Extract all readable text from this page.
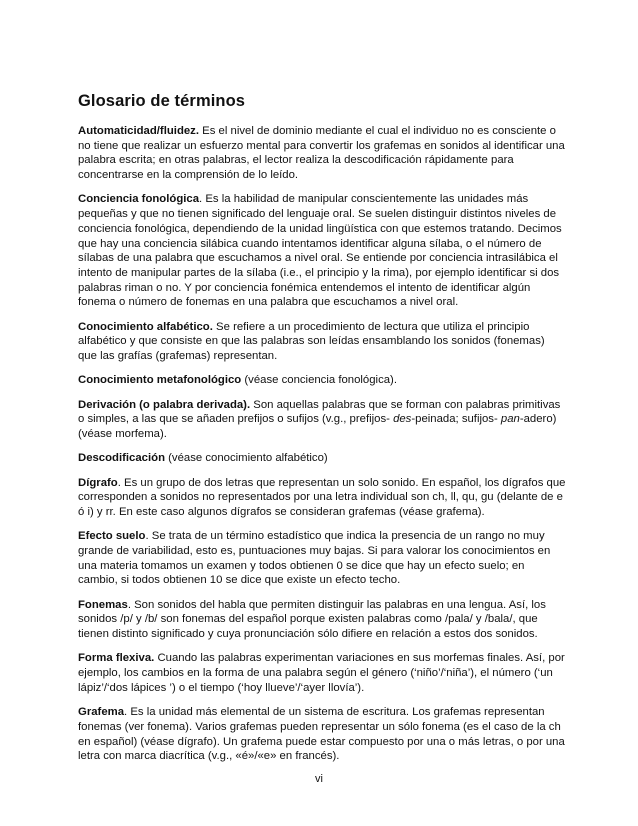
Glosario de términos

Automaticidad/fluidez. Es el nivel de dominio mediante el cual el individuo no es consciente o no tiene que realizar un esfuerzo mental para convertir los grafemas en sonidos al identificar una palabra escrita; en otras palabras, el lector realiza la descodificación rápidamente para concentrarse en la comprensión de lo leído.

Conciencia fonológica. Es la habilidad de manipular conscientemente las unidades más pequeñas y que no tienen significado del lenguaje oral. Se suelen distinguir distintos niveles de conciencia fonológica, dependiendo de la unidad lingüística con que estemos tratando. Decimos que hay una conciencia silábica cuando intentamos identificar alguna sílaba, o el número de sílabas de una palabra que escuchamos a nivel oral. Se entiende por conciencia intrasilábica el intento de manipular partes de la sílaba (i.e., el principio y la rima), por ejemplo identificar si dos palabras riman o no. Y por conciencia fonémica entendemos el intento de identificar algún fonema o número de fonemas en una palabra que escuchamos a nivel oral.

Conocimiento alfabético. Se refiere a un procedimiento de lectura que utiliza el principio alfabético y que consiste en que las palabras son leídas ensamblando los sonidos (fonemas) que las grafías (grafemas) representan.

Conocimiento metafonológico (véase conciencia fonológica).

Derivación (o palabra derivada). Son aquellas palabras que se forman con palabras primitivas o simples, a las que se añaden prefijos o sufijos (v.g., prefijos- des-peinada; sufijos- pan-adero) (véase morfema).

Descodificación (véase conocimiento alfabético)

Dígrafo. Es un grupo de dos letras que representan un solo sonido. En español, los dígrafos que corresponden a sonidos no representados por una letra individual son ch, ll, qu, gu (delante de e ó i) y rr. En este caso algunos dígrafos se consideran grafemas (véase grafema).

Efecto suelo. Se trata de un término estadístico que indica la presencia de un rango no muy grande de variabilidad, esto es, puntuaciones muy bajas. Si para valorar los conocimientos en una materia tomamos un examen y todos obtienen 0 se dice que hay un efecto suelo; en cambio, si todos obtienen 10 se dice que existe un efecto techo.

Fonemas. Son sonidos del habla que permiten distinguir las palabras en una lengua. Así, los sonidos /p/ y /b/ son fonemas del español porque existen palabras como /pala/ y /bala/, que tienen distinto significado y cuya pronunciación sólo difiere en relación a estos dos sonidos.

Forma flexiva. Cuando las palabras experimentan variaciones en sus morfemas finales. Así, por ejemplo, los cambios en la forma de una palabra según el género (‘niño’/‘niña’), el número (‘un lápiz’/‘dos lápices ’) o el tiempo (‘hoy llueve’/‘ayer llovía’).

Grafema. Es la unidad más elemental de un sistema de escritura. Los grafemas representan fonemas (ver fonema). Varios grafemas pueden representar un sólo fonema (es el caso de la ch en español) (véase dígrafo). Un grafema puede estar compuesto por una o más letras, o por una letra con marca diacrítica (v.g., «é»/«e» en francés).

vi
